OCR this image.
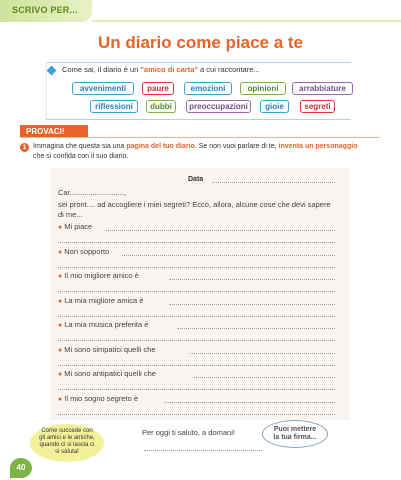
SCRIVO PER...
Un diario come piace a te
Come sai, il diario è un "amico di carta" a cui raccontare...
avvenimenti	paure	emozioni	opinioni	arrabbiature
riflessioni	dubbi	preoccupazioni	gioie	segreti
PROVACI!
1 Immagina che questa sia una pagina del tuo diario. Se non vuoi parlare di te, inventa un personaggio che si confida con il suo diario.
Data
Car..........................,
sei pront.... ad accogliere i miei segreti? Ecco, allora, alcune cose che devi sapere
di me...
● Mi piace
● Non sopporto
● Il mio migliore amico è
● La mia migliore amica è
● La mia musica preferita è
● Mi sono simpatici quelli che
● Mi sono antipatici quelli che
● Il mio sogno segreto è
Come succede con gli amici e le amiche, quando ci si lascia ci si saluta!
Per oggi ti saluto, a domani!	Puoi mettere la tua firma...
40
